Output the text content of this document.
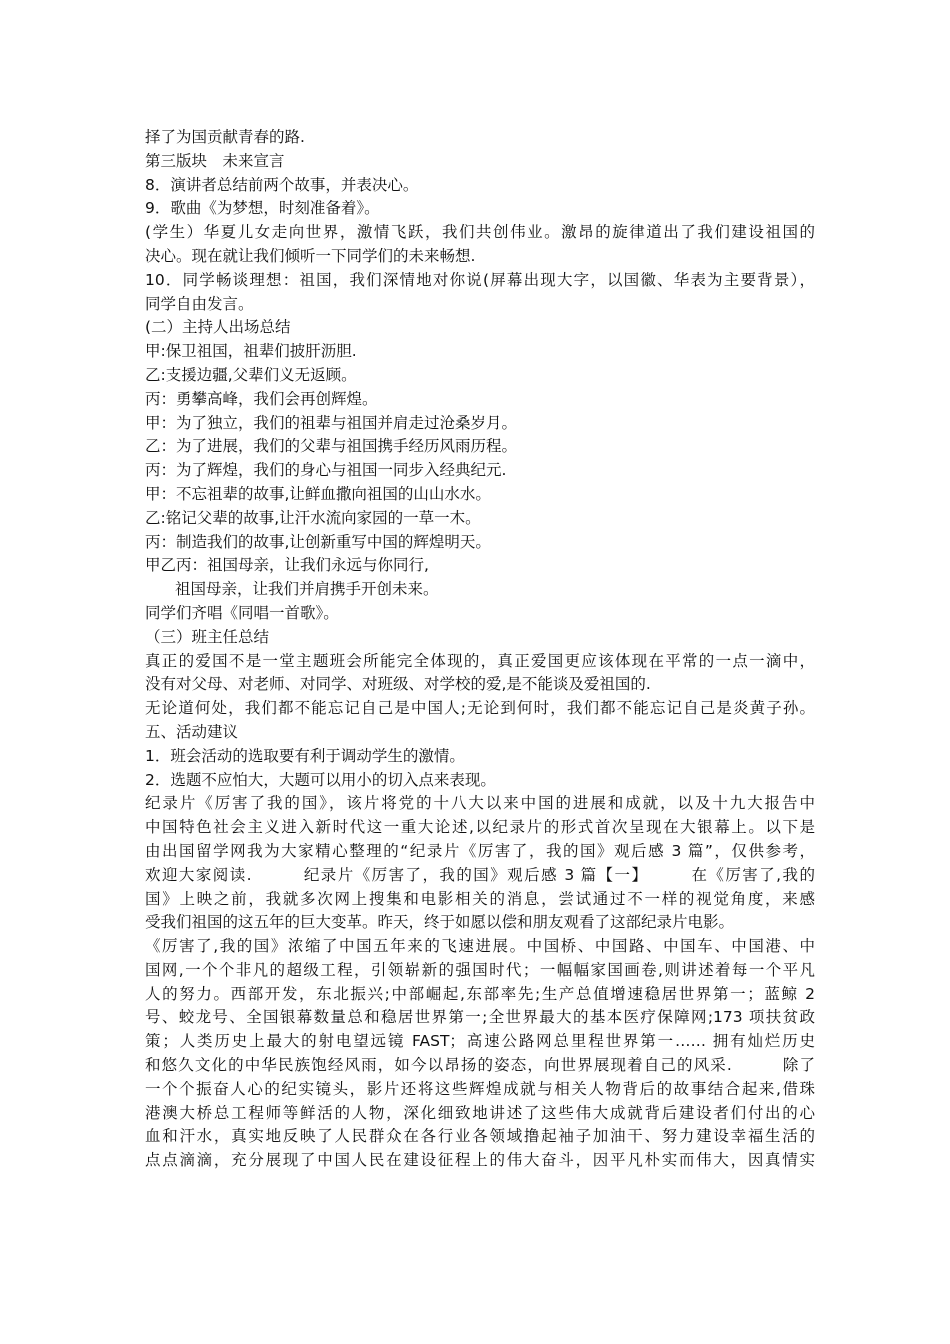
择了为国贡献青春的路.
第三版块　未来宣言
8．演讲者总结前两个故事，并表决心。
9．歌曲《为梦想，时刻准备着》。
(学生）华夏儿女走向世界，激情飞跃，我们共创伟业。激昂的旋律道出了我们建设祖国的
决心。现在就让我们倾听一下同学们的未来畅想.
10．同学畅谈理想：祖国，我们深情地对你说(屏幕出现大字，以国徽、华表为主要背景），
同学自由发言。
(二）主持人出场总结
甲:保卫祖国，祖辈们披肝沥胆.
乙:支援边疆,父辈们义无返顾。
丙：勇攀高峰，我们会再创辉煌。
甲：为了独立，我们的祖辈与祖国并肩走过沧桑岁月。
乙：为了进展，我们的父辈与祖国携手经历风雨历程。
丙：为了辉煌，我们的身心与祖国一同步入经典纪元.
甲：不忘祖辈的故事,让鲜血撒向祖国的山山水水。
乙:铭记父辈的故事,让汗水流向家园的一草一木。
丙：制造我们的故事,让创新重写中国的辉煌明天。
甲乙丙：祖国母亲，让我们永远与你同行,
祖国母亲，让我们并肩携手开创未来。
同学们齐唱《同唱一首歌》。
（三）班主任总结
真正的爱国不是一堂主题班会所能完全体现的，真正爱国更应该体现在平常的一点一滴中，
没有对父母、对老师、对同学、对班级、对学校的爱,是不能谈及爱祖国的.
无论道何处，我们都不能忘记自己是中国人;无论到何时，我们都不能忘记自己是炎黄子孙。
五、活动建议
1．班会活动的选取要有利于调动学生的激情。
2．选题不应怕大，大题可以用小的切入点来表现。
纪录片《厉害了我的国》，该片将党的十八大以来中国的进展和成就，以及十九大报告中
中国特色社会主义进入新时代这一重大论述,以纪录片的形式首次呈现在大银幕上。以下是
由出国留学网我为大家精心整理的“纪录片《厉害了，我的国》观后感 3 篇”，仅供参考，
欢迎大家阅读.　　　纪录片《厉害了，我的国》观后感 3 篇【一】　　　在《厉害了,我的
国》上映之前，我就多次网上搜集和电影相关的消息，尝试通过不一样的视觉角度，来感
受我们祖国的这五年的巨大变革。昨天，终于如愿以偿和朋友观看了这部纪录片电影。
《厉害了,我的国》浓缩了中国五年来的飞速进展。中国桥、中国路、中国车、中国港、中
国网,一个个非凡的超级工程，引领崭新的强国时代；一幅幅家国画卷,则讲述着每一个平凡
人的努力。西部开发，东北振兴;中部崛起,东部率先;生产总值增速稳居世界第一；蓝鲸 2
号、蛟龙号、全国银幕数量总和稳居世界第一;全世界最大的基本医疗保障网;173 项扶贫政
策；人类历史上最大的射电望远镜 FAST；高速公路网总里程世界第一…… 拥有灿烂历史
和悠久文化的中华民族饱经风雨，如今以昂扬的姿态，向世界展现着自己的风采.　　　除了
一个个振奋人心的纪实镜头，影片还将这些辉煌成就与相关人物背后的故事结合起来,借珠
港澳大桥总工程师等鲜活的人物，深化细致地讲述了这些伟大成就背后建设者们付出的心
血和汗水，真实地反映了人民群众在各行业各领域撸起袖子加油干、努力建设幸福生活的
点点滴滴，充分展现了中国人民在建设征程上的伟大奋斗，因平凡朴实而伟大，因真情实
